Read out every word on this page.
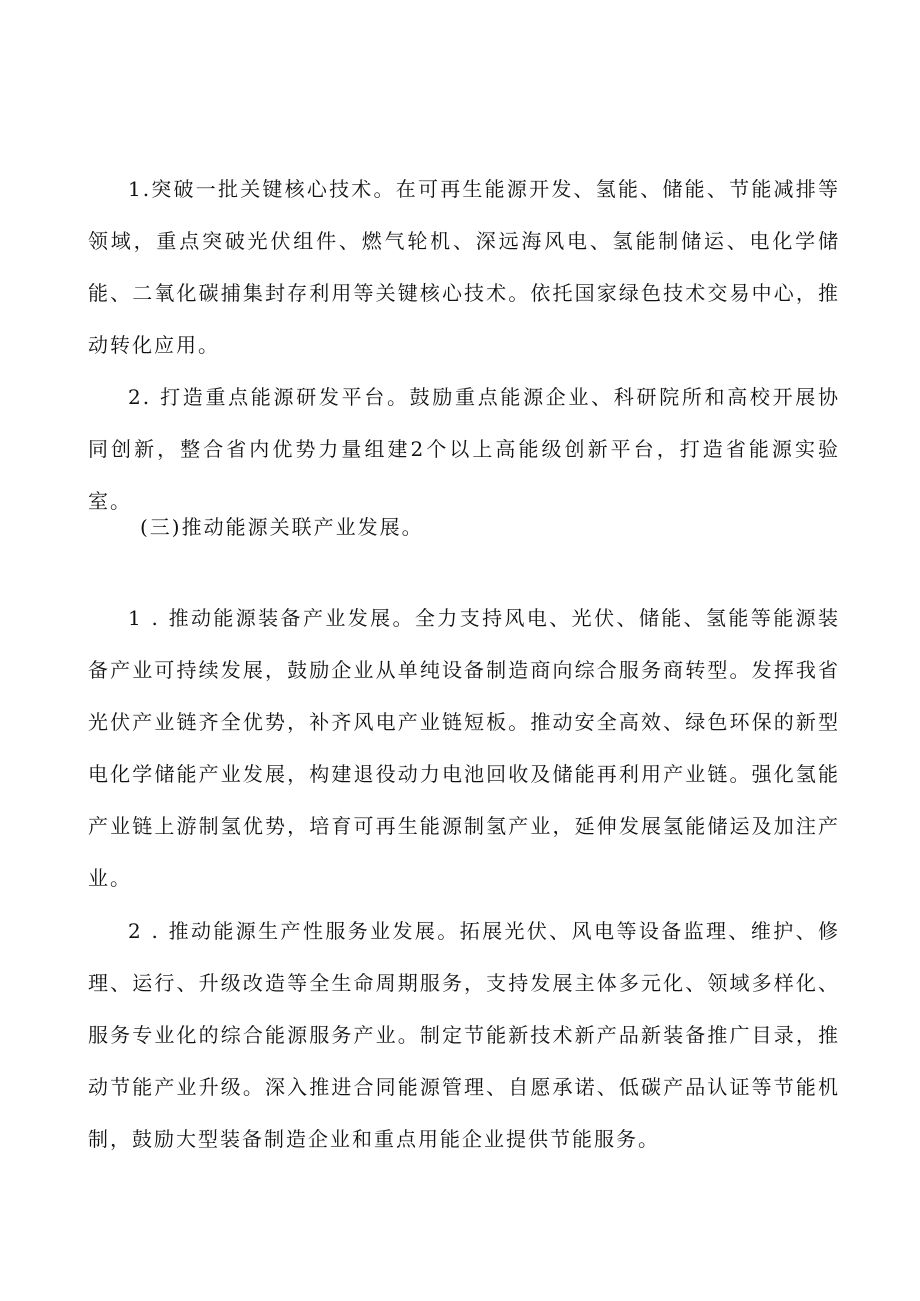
1.突破一批关键核心技术。在可再生能源开发、氢能、储能、节能减排等领域，重点突破光伏组件、燃气轮机、深远海风电、氢能制储运、电化学储能、二氧化碳捕集封存利用等关键核心技术。依托国家绿色技术交易中心，推动转化应用。

2. 打造重点能源研发平台。鼓励重点能源企业、科研院所和高校开展协同创新，整合省内优势力量组建2个以上高能级创新平台，打造省能源实验室。

(三)推动能源关联产业发展。

1 . 推动能源装备产业发展。全力支持风电、光伏、储能、氢能等能源装备产业可持续发展，鼓励企业从单纯设备制造商向综合服务商转型。发挥我省光伏产业链齐全优势，补齐风电产业链短板。推动安全高效、绿色环保的新型电化学储能产业发展，构建退役动力电池回收及储能再利用产业链。强化氢能产业链上游制氢优势，培育可再生能源制氢产业，延伸发展氢能储运及加注产业。

2 . 推动能源生产性服务业发展。拓展光伏、风电等设备监理、维护、修理、运行、升级改造等全生命周期服务，支持发展主体多元化、领域多样化、服务专业化的综合能源服务产业。制定节能新技术新产品新装备推广目录，推动节能产业升级。深入推进合同能源管理、自愿承诺、低碳产品认证等节能机制，鼓励大型装备制造企业和重点用能企业提供节能服务。
